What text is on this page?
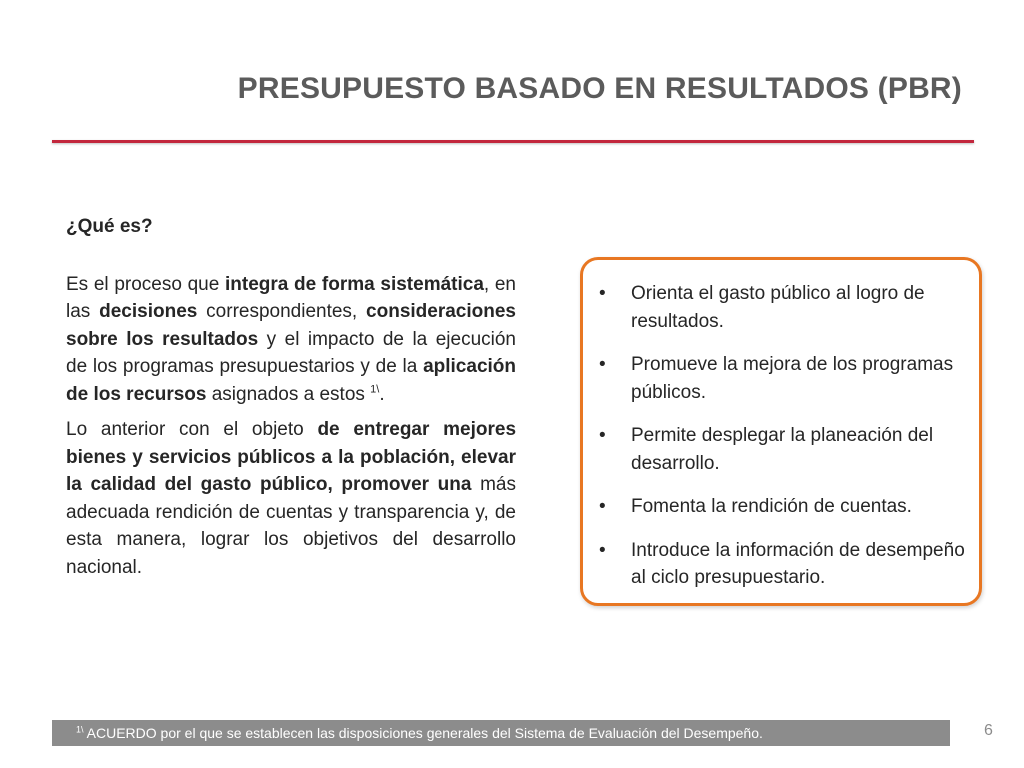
PRESUPUESTO BASADO EN RESULTADOS (PBR)
¿Qué es?

Es el proceso que integra de forma sistemática, en las decisiones correspondientes, consideraciones sobre los resultados y el impacto de la ejecución de los programas presupuestarios y de la aplicación de los recursos asignados a estos $^{1\backslash}$.

Lo anterior con el objeto de entregar mejores bienes y servicios públicos a la población, elevar la calidad del gasto público, promover una más adecuada rendición de cuentas y transparencia y, de esta manera, lograr los objetivos del desarrollo nacional.

• Orienta el gasto público al logro de resultados.
• Promueve la mejora de los programas públicos.
• Permite desplegar la planeación del desarrollo.
• Fomenta la rendición de cuentas.
• Introduce la información de desempeño al ciclo presupuestario.
$^{1\backslash}$ ACUERDO por el que se establecen las disposiciones generales del Sistema de Evaluación del Desempeño.	6
